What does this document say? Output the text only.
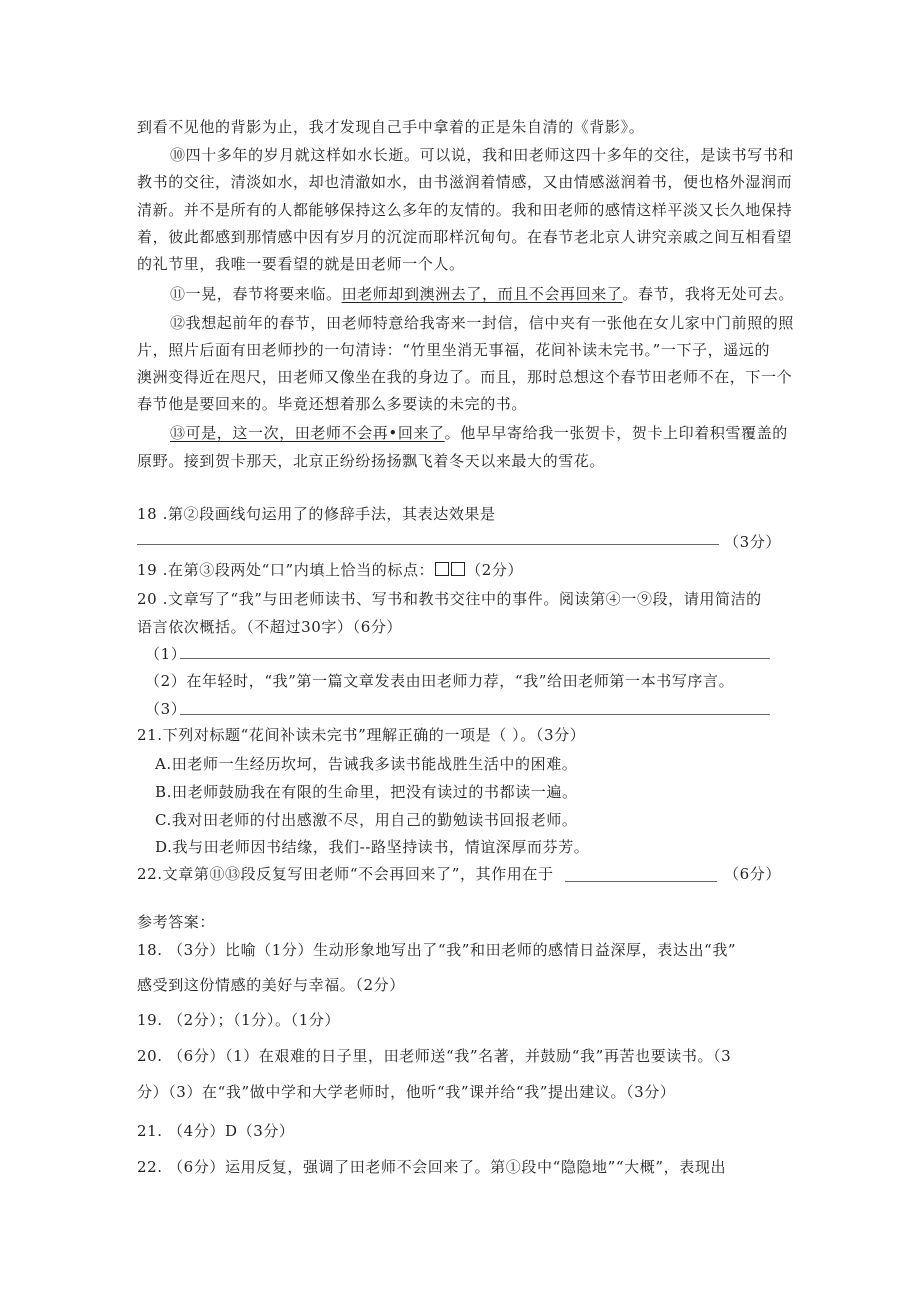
到看不见他的背影为止，我才发现自己手中拿着的正是朱自清的《背影》。
⑩四十多年的岁月就这样如水长逝。可以说，我和田老师这四十多年的交往，是读书写书和
教书的交往，清淡如水，却也清澈如水，由书滋润着情感，又由情感滋润着书，便也格外湿润而
清新。并不是所有的人都能够保持这么多年的友情的。我和田老师的感情这样平淡又长久地保持
着，彼此都感到那情感中因有岁月的沉淀而耶样沉甸句。在春节老北京人讲究亲戚之间互相看望
的礼节里，我唯一要看望的就是田老师一个人。
⑪一晃，春节将要来临。田老师却到澳洲去了，而且不会再回来了。春节，我将无处可去。
⑫我想起前年的春节，田老师特意给我寄来一封信，信中夹有一张他在女儿家中门前照的照
片，照片后面有田老师抄的一句清诗：“竹里坐消无事福，花间补读未完书。”一下子，遥远的
澳洲变得近在咫尺，田老师又像坐在我的身边了。而且，那时总想这个春节田老师不在，下一个
春节他是要回来的。毕竟还想着那么多要读的未完的书。
⑬可是，这一次，田老师不会再•回来了。他早早寄给我一张贺卡，贺卡上印着积雪覆盖的
原野。接到贺卡那天，北京正纷纷扬扬飘飞着冬天以来最大的雪花。
18 .第②段画线句运用了的修辞手法，其表达效果是
（3分）
19 .在第③段两处“口”内填上恰当的标点： （2分）
20 .文章写了“我”与田老师读书、写书和教书交往中的事件。阅读第④一⑨段，请用简洁的
语言依次概括。（不超过30字）（6分）
（1）
（2）在年轻时，“我”第一篇文章发表由田老师力荐，“我”给田老师第一本书写序言。
（3）
21.下列对标题“花间补读未完书”理解正确的一项是（ ）。（3分）
A.田老师一生经历坎坷，告诫我多读书能战胜生活中的困难。
B.田老师鼓励我在有限的生命里，把没有读过的书都读一遍。
C.我对田老师的付出感激不尽，用自己的勤勉读书回报老师。
D.我与田老师因书结缘，我们--路坚持读书，情谊深厚而芬芳。
22.文章第⑪⑬段反复写田老师“不会再回来了”，其作用在于	（6分）
参考答案：
18. （3分）比喻（1分）生动形象地写出了“我”和田老师的感情日益深厚，表达出“我”
感受到这份情感的美好与幸福。（2分）
19. （2分）；（1分）。（1分）
20. （6分）（1）在艰难的日子里，田老师送“我”名著，并鼓励“我”再苦也要读书。（3
分）（3）在“我”做中学和大学老师时，他听“我”课并给“我”提出建议。（3分）
21. （4分）D（3分）
22. （6分）运用反复，强调了田老师不会回来了。第①段中“隐隐地”“大概”，表现出
